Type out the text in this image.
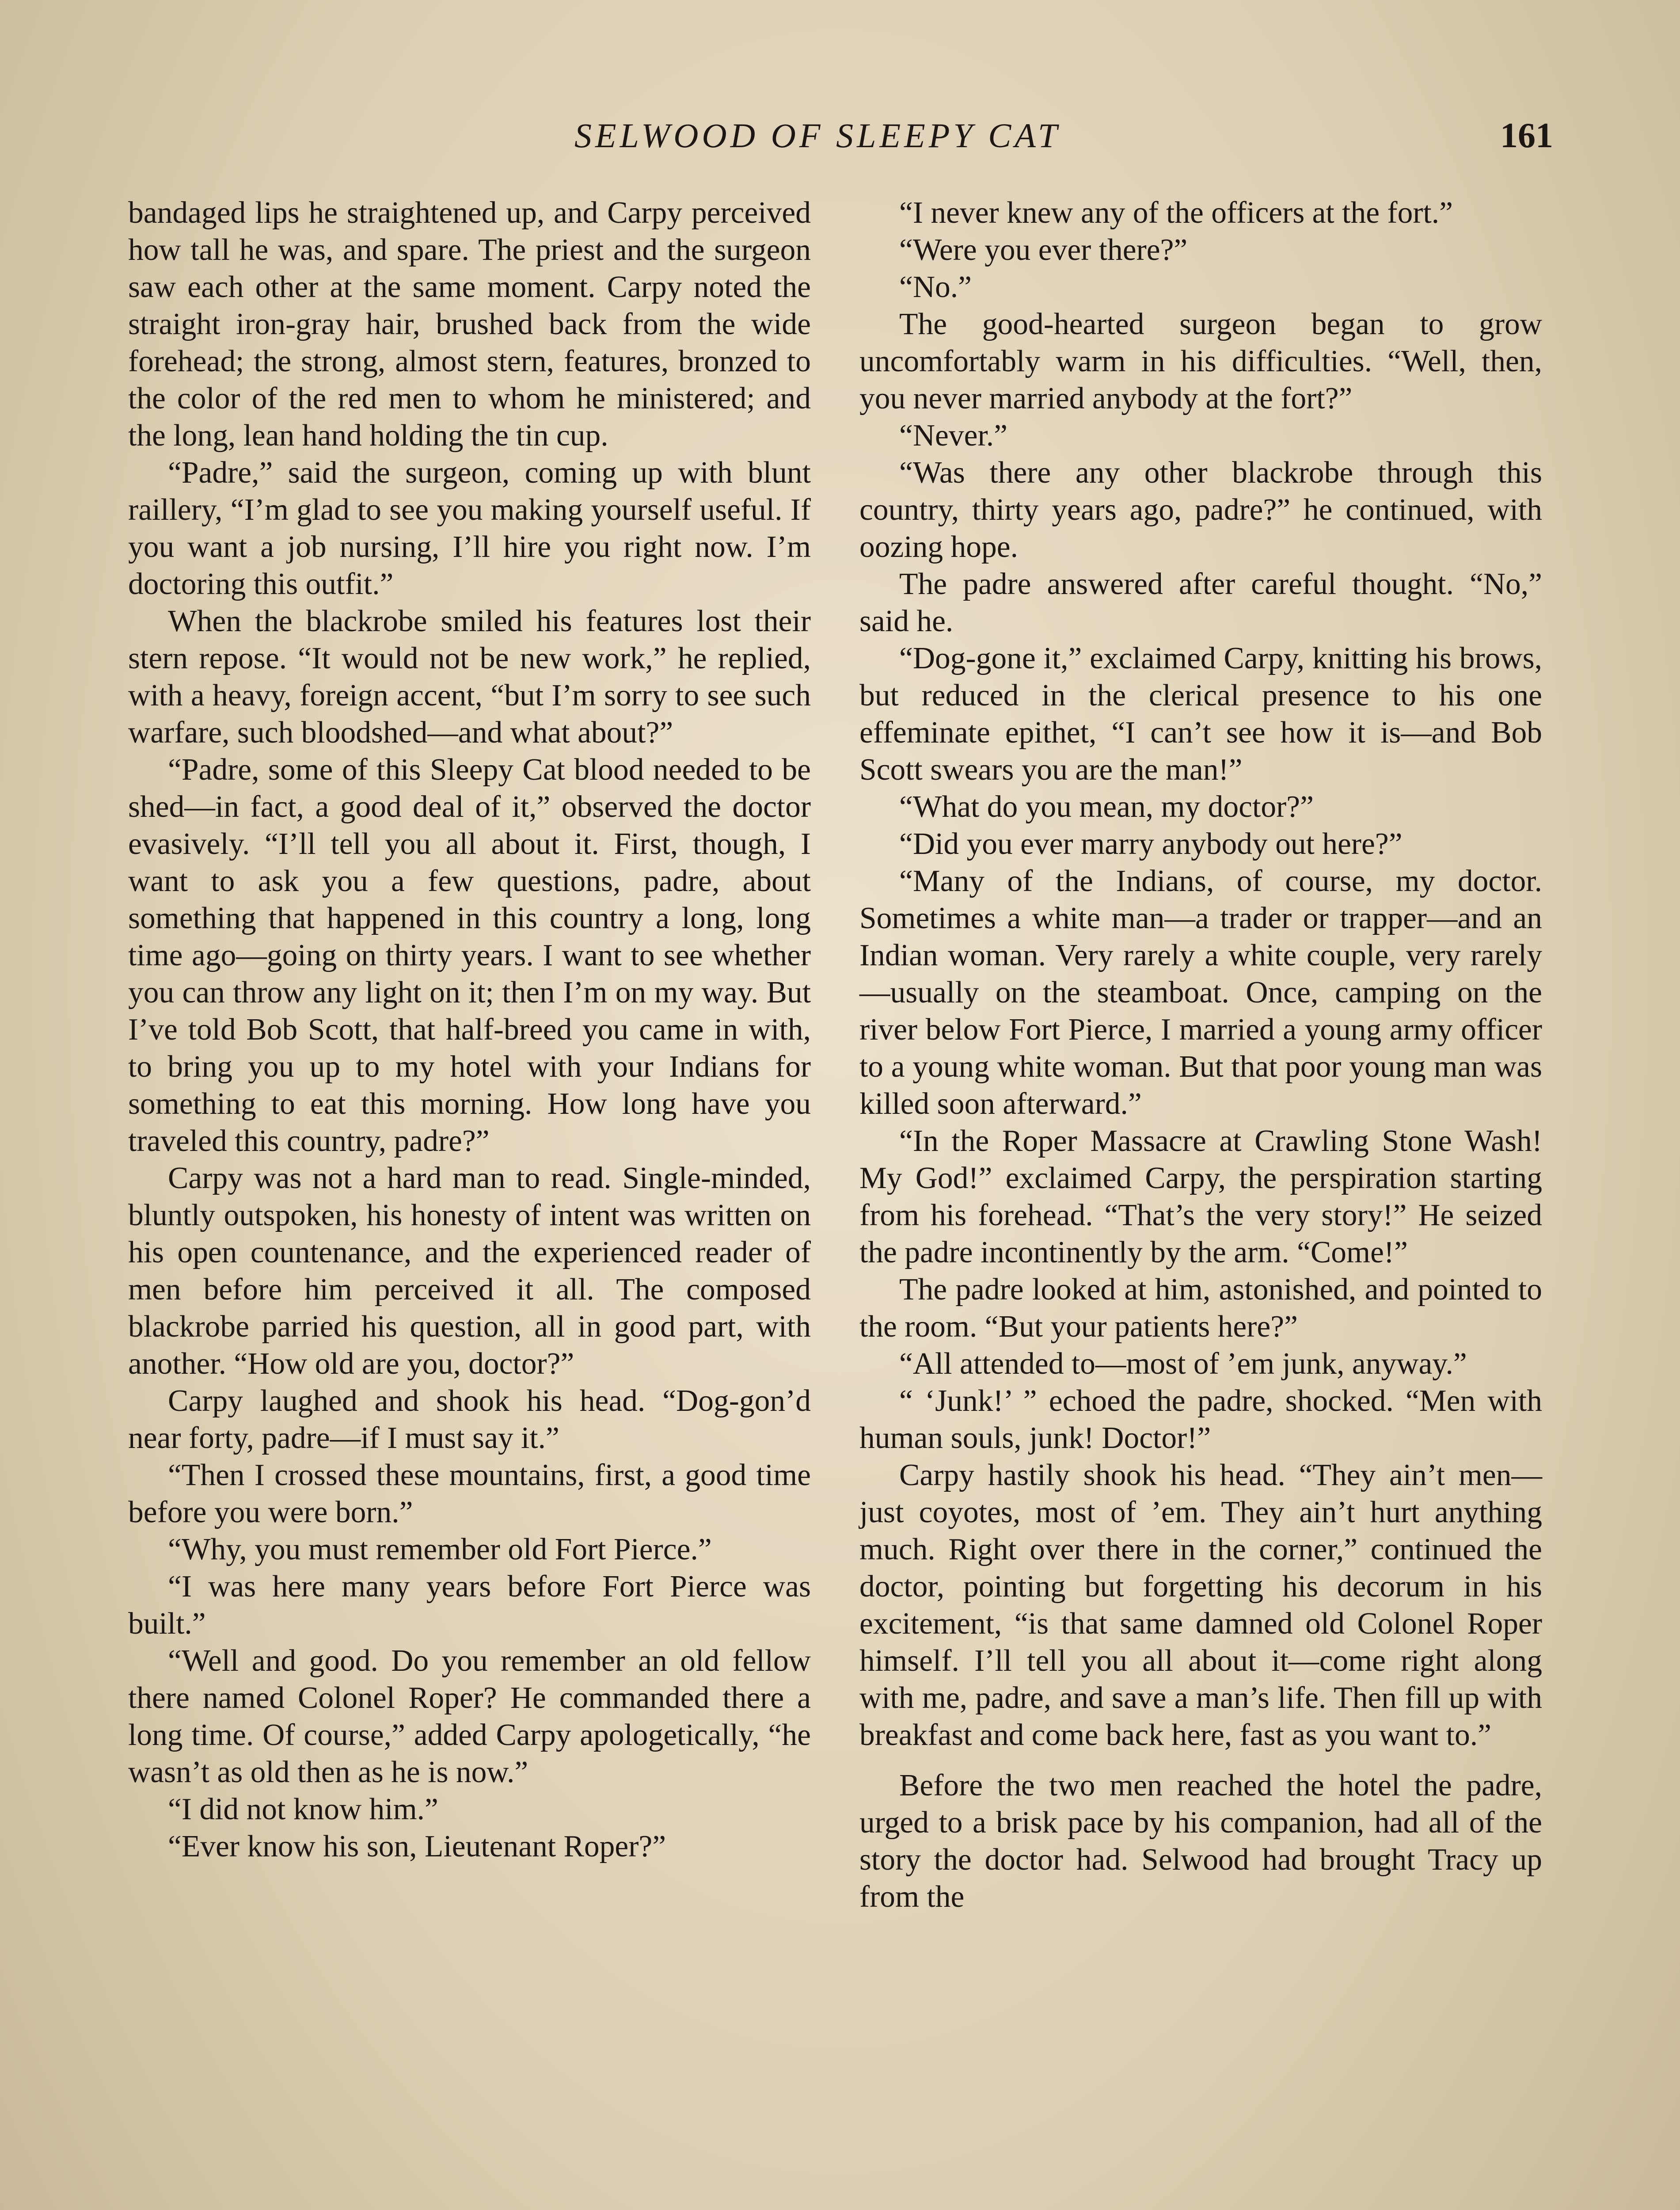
SELWOOD OF SLEEPY CAT	161

bandaged lips he straightened up, and Carpy perceived how tall he was, and spare. The priest and the surgeon saw each other at the same moment. Carpy noted the straight iron-gray hair, brushed back from the wide forehead; the strong, almost stern, features, bronzed to the color of the red men to whom he ministered; and the long, lean hand holding the tin cup.

“Padre,” said the surgeon, coming up with blunt raillery, “I’m glad to see you making yourself useful. If you want a job nursing, I’ll hire you right now. I’m doctoring this outfit.”

When the blackrobe smiled his features lost their stern repose. “It would not be new work,” he replied, with a heavy, foreign accent, “but I’m sorry to see such warfare, such bloodshed—and what about?”

“Padre, some of this Sleepy Cat blood needed to be shed—in fact, a good deal of it,” observed the doctor evasively. “I’ll tell you all about it. First, though, I want to ask you a few questions, padre, about something that happened in this country a long, long time ago—going on thirty years. I want to see whether you can throw any light on it; then I’m on my way. But I’ve told Bob Scott, that half-breed you came in with, to bring you up to my hotel with your Indians for something to eat this morning. How long have you traveled this country, padre?”

Carpy was not a hard man to read. Single-minded, bluntly outspoken, his honesty of intent was written on his open countenance, and the experienced reader of men before him perceived it all. The composed blackrobe parried his question, all in good part, with another. “How old are you, doctor?”

Carpy laughed and shook his head. “Dog-gon’d near forty, padre—if I must say it.”

“Then I crossed these mountains, first, a good time before you were born.”

“Why, you must remember old Fort Pierce.”

“I was here many years before Fort Pierce was built.”

“Well and good. Do you remember an old fellow there named Colonel Roper? He commanded there a long time. Of course,” added Carpy apologetically, “he wasn’t as old then as he is now.”

“I did not know him.”

“Ever know his son, Lieutenant Roper?”

“I never knew any of the officers at the fort.”

“Were you ever there?”

“No.”

The good-hearted surgeon began to grow uncomfortably warm in his difficulties. “Well, then, you never married anybody at the fort?”

“Never.”

“Was there any other blackrobe through this country, thirty years ago, padre?” he continued, with oozing hope.

The padre answered after careful thought. “No,” said he.

“Dog-gone it,” exclaimed Carpy, knitting his brows, but reduced in the clerical presence to his one effeminate epithet, “I can’t see how it is—and Bob Scott swears you are the man!”

“What do you mean, my doctor?”

“Did you ever marry anybody out here?”

“Many of the Indians, of course, my doctor. Sometimes a white man—a trader or trapper—and an Indian woman. Very rarely a white couple, very rarely—usually on the steamboat. Once, camping on the river below Fort Pierce, I married a young army officer to a young white woman. But that poor young man was killed soon afterward.”

“In the Roper Massacre at Crawling Stone Wash! My God!” exclaimed Carpy, the perspiration starting from his forehead. “That’s the very story!” He seized the padre incontinently by the arm. “Come!”

The padre looked at him, astonished, and pointed to the room. “But your patients here?”

“All attended to—most of ’em junk, anyway.”

“ ‘Junk!’ ” echoed the padre, shocked. “Men with human souls, junk! Doctor!”

Carpy hastily shook his head. “They ain’t men—just coyotes, most of ’em. They ain’t hurt anything much. Right over there in the corner,” continued the doctor, pointing but forgetting his decorum in his excitement, “is that same damned old Colonel Roper himself. I’ll tell you all about it—come right along with me, padre, and save a man’s life. Then fill up with breakfast and come back here, fast as you want to.”

Before the two men reached the hotel the padre, urged to a brisk pace by his companion, had all of the story the doctor had. Selwood had brought Tracy up from the
